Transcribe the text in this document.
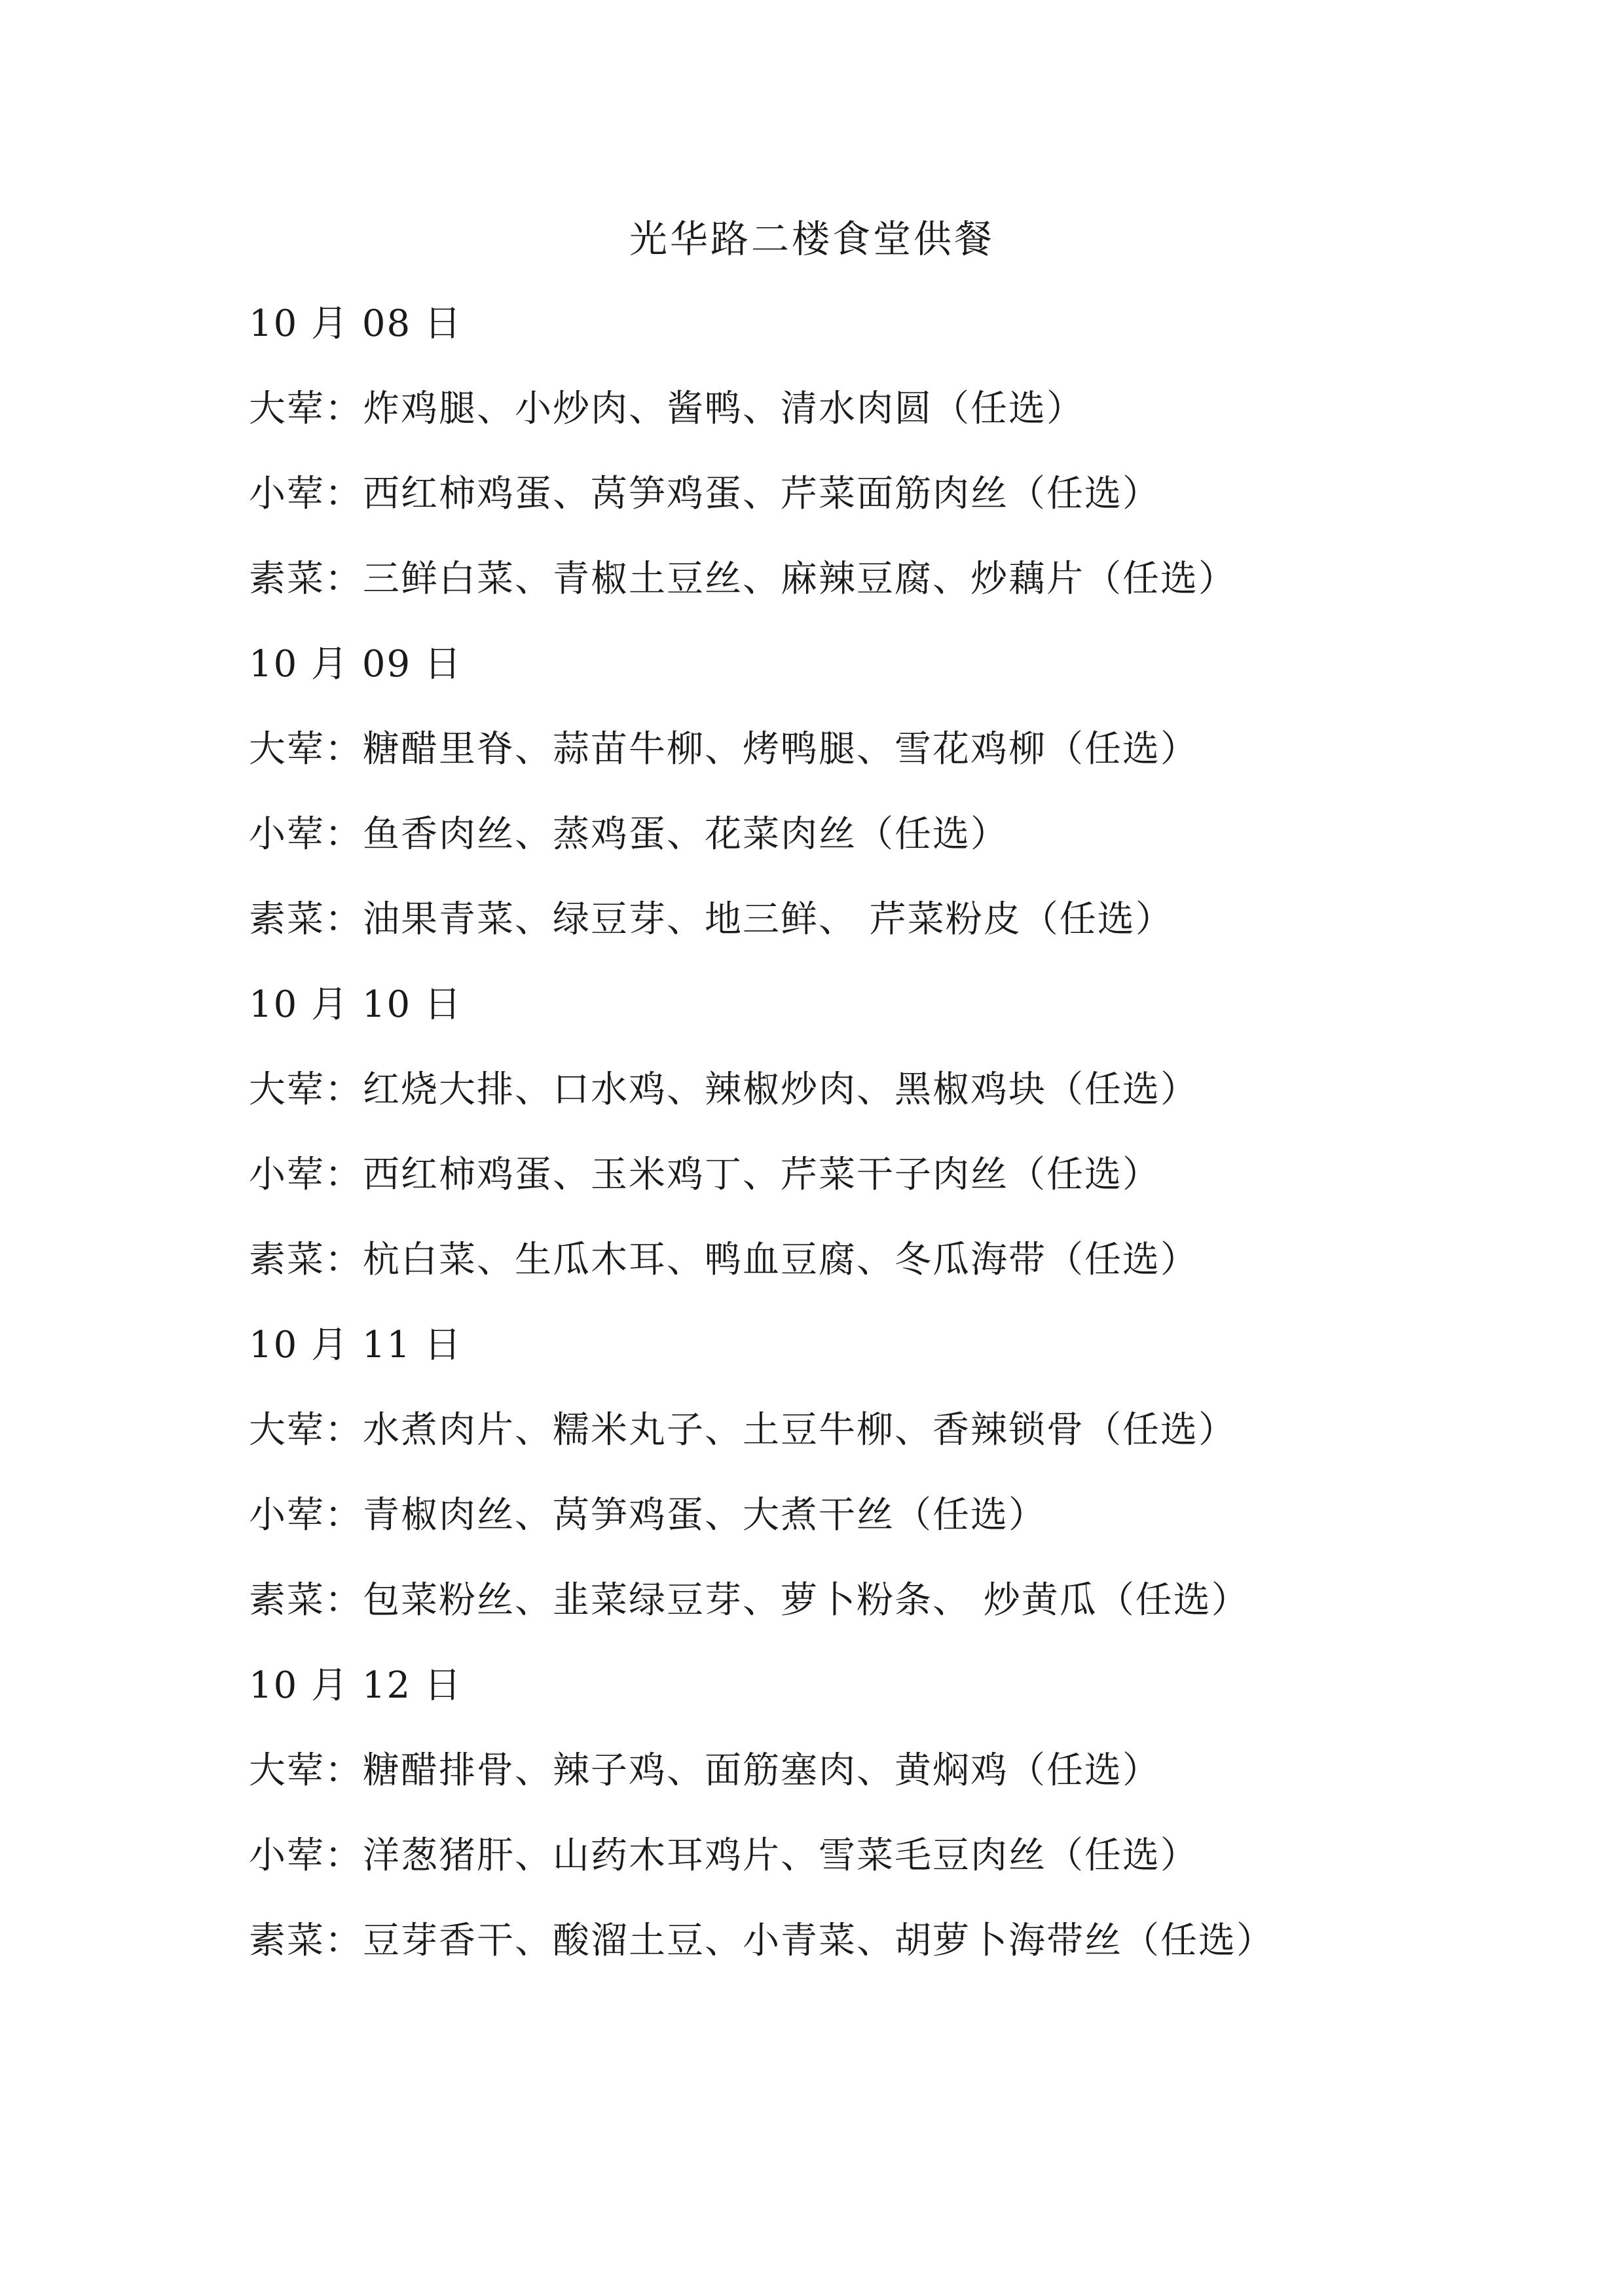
光华路二楼食堂供餐

10 月 08 日

大荤：炸鸡腿、小炒肉、酱鸭、清水肉圆（任选）

小荤：西红柿鸡蛋、莴笋鸡蛋、芹菜面筋肉丝（任选）

素菜：三鲜白菜、青椒土豆丝、麻辣豆腐、炒藕片（任选）

10 月 09 日

大荤：糖醋里脊、蒜苗牛柳、烤鸭腿、雪花鸡柳（任选）

小荤：鱼香肉丝、蒸鸡蛋、花菜肉丝（任选）

素菜：油果青菜、绿豆芽、地三鲜、 芹菜粉皮（任选）

10 月 10 日

大荤：红烧大排、口水鸡、辣椒炒肉、黑椒鸡块（任选）

小荤：西红柿鸡蛋、玉米鸡丁、芹菜干子肉丝（任选）

素菜：杭白菜、生瓜木耳、鸭血豆腐、冬瓜海带（任选）

10 月 11 日

大荤：水煮肉片、糯米丸子、土豆牛柳、香辣锁骨（任选）

小荤：青椒肉丝、莴笋鸡蛋、大煮干丝（任选）

素菜：包菜粉丝、韭菜绿豆芽、萝卜粉条、 炒黄瓜（任选）

10 月 12 日

大荤：糖醋排骨、辣子鸡、面筋塞肉、黄焖鸡（任选）

小荤：洋葱猪肝、山药木耳鸡片、雪菜毛豆肉丝（任选）

素菜：豆芽香干、酸溜土豆、小青菜、胡萝卜海带丝（任选）
